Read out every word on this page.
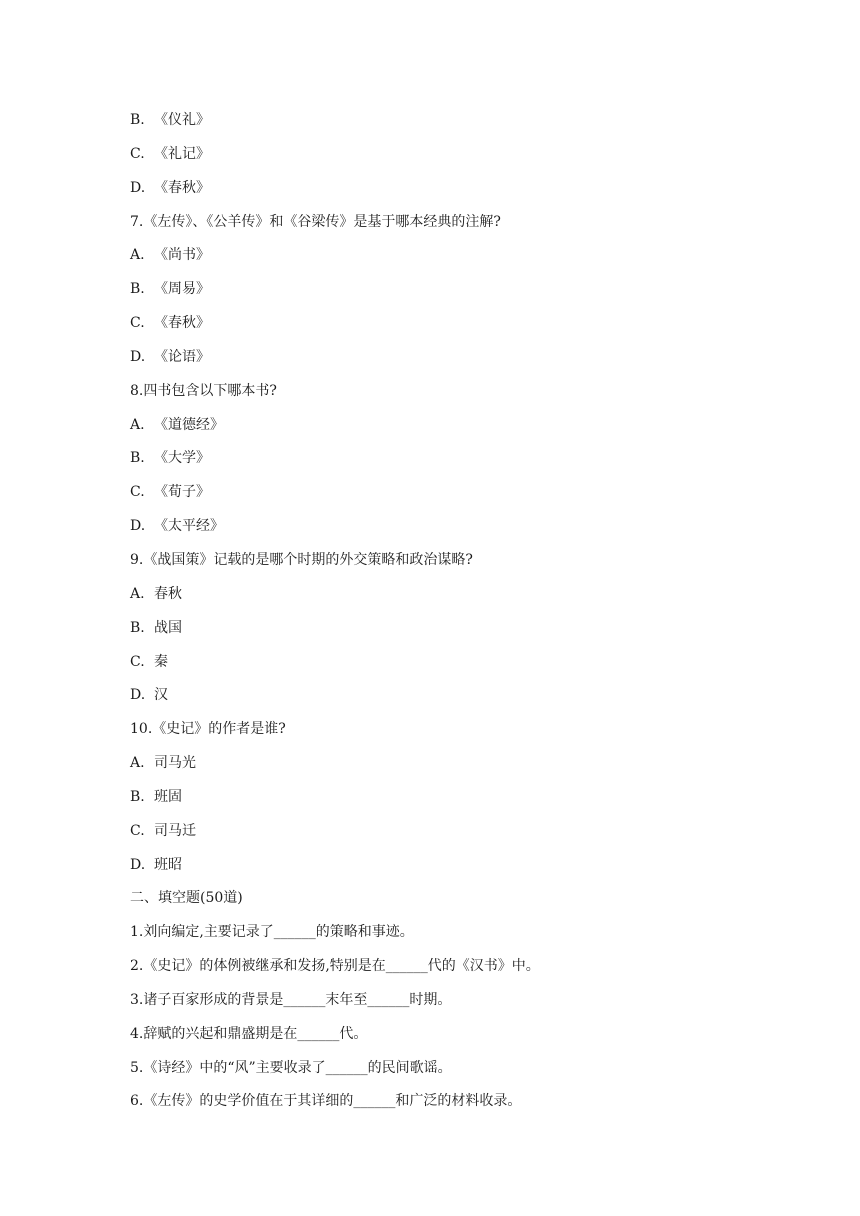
B. 《仪礼》
C. 《礼记》
D. 《春秋》
7.《左传》、《公羊传》和《谷梁传》是基于哪本经典的注解?
A. 《尚书》
B. 《周易》
C. 《春秋》
D. 《论语》
8.四书包含以下哪本书?
A. 《道德经》
B. 《大学》
C. 《荀子》
D. 《太平经》
9.《战国策》记载的是哪个时期的外交策略和政治谋略?
A. 春秋
B. 战国
C. 秦
D. 汉
10.《史记》的作者是谁?
A. 司马光
B. 班固
C. 司马迁
D. 班昭
二、填空题(50道)
1.刘向编定,主要记录了______的策略和事迹。
2.《史记》的体例被继承和发扬,特别是在______代的《汉书》中。
3.诸子百家形成的背景是______末年至______时期。
4.辞赋的兴起和鼎盛期是在______代。
5.《诗经》中的“风”主要收录了______的民间歌谣。
6.《左传》的史学价值在于其详细的______和广泛的材料收录。
